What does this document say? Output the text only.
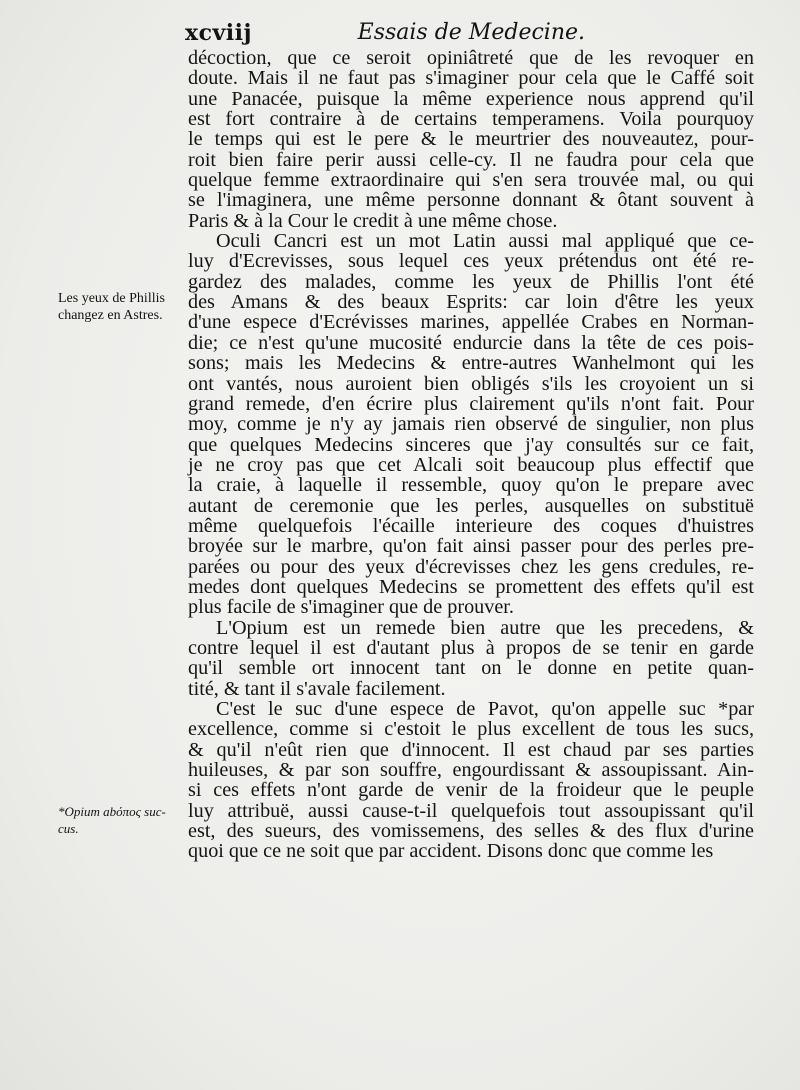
xcviij	Essais de Medecine.
Les yeux de Phillis changez en Astres.
*Opium abόπος suc-cus.

décoction, que ce seroit opiniâtreté que de les revoquer en
doute. Mais il ne faut pas s'imaginer pour cela que le Caffé soit
une Panacée, puisque la même experience nous apprend qu'il
est fort contraire à de certains temperamens. Voila pourquoy
le temps qui est le pere & le meurtrier des nouveautez, pour-
roit bien faire perir aussi celle-cy. Il ne faudra pour cela que
quelque femme extraordinaire qui s'en sera trouvée mal, ou qui
se l'imaginera, une même personne donnant & ôtant souvent à
Paris & à la Cour le credit à une même chose.

Oculi Cancri est un mot Latin aussi mal appliqué que ce-
luy d'Ecrevisses, sous lequel ces yeux prétendus ont été re-
gardez des malades, comme les yeux de Phillis l'ont été
des Amans & des beaux Esprits: car loin d'être les yeux
d'une espece d'Ecrévisses marines, appellée Crabes en Norman-
die; ce n'est qu'une mucosité endurcie dans la tête de ces pois-
sons; mais les Medecins & entre-autres Wanhelmont qui les
ont vantés, nous auroient bien obligés s'ils les croyoient un si
grand remede, d'en écrire plus clairement qu'ils n'ont fait. Pour
moy, comme je n'y ay jamais rien observé de singulier, non plus
que quelques Medecins sinceres que j'ay consultés sur ce fait,
je ne croy pas que cet Alcali soit beaucoup plus effectif que
la craie, à laquelle il ressemble, quoy qu'on le prepare avec
autant de ceremonie que les perles, ausquelles on substituë
même quelquefois l'écaille interieure des coques d'huistres
broyée sur le marbre, qu'on fait ainsi passer pour des perles pre-
parées ou pour des yeux d'écrevisses chez les gens credules, re-
medes dont quelques Medecins se promettent des effets qu'il est
plus facile de s'imaginer que de prouver.

L'Opium est un remede bien autre que les precedens, &
contre lequel il est d'autant plus à propos de se tenir en garde
qu'il semble ort innocent tant on le donne en petite quan-
tité, & tant il s'avale facilement.

C'est le suc d'une espece de Pavot, qu'on appelle suc *par
excellence, comme si c'estoit le plus excellent de tous les sucs,
& qu'il n'eût rien que d'innocent. Il est chaud par ses parties
huileuses, & par son souffre, engourdissant & assoupissant. Ain-
si ces effets n'ont garde de venir de la froideur que le peuple
luy attribuë, aussi cause-t-il quelquefois tout assoupissant qu'il
est, des sueurs, des vomissemens, des selles & des flux d'urine
quoi que ce ne soit que par accident. Disons donc que comme les
